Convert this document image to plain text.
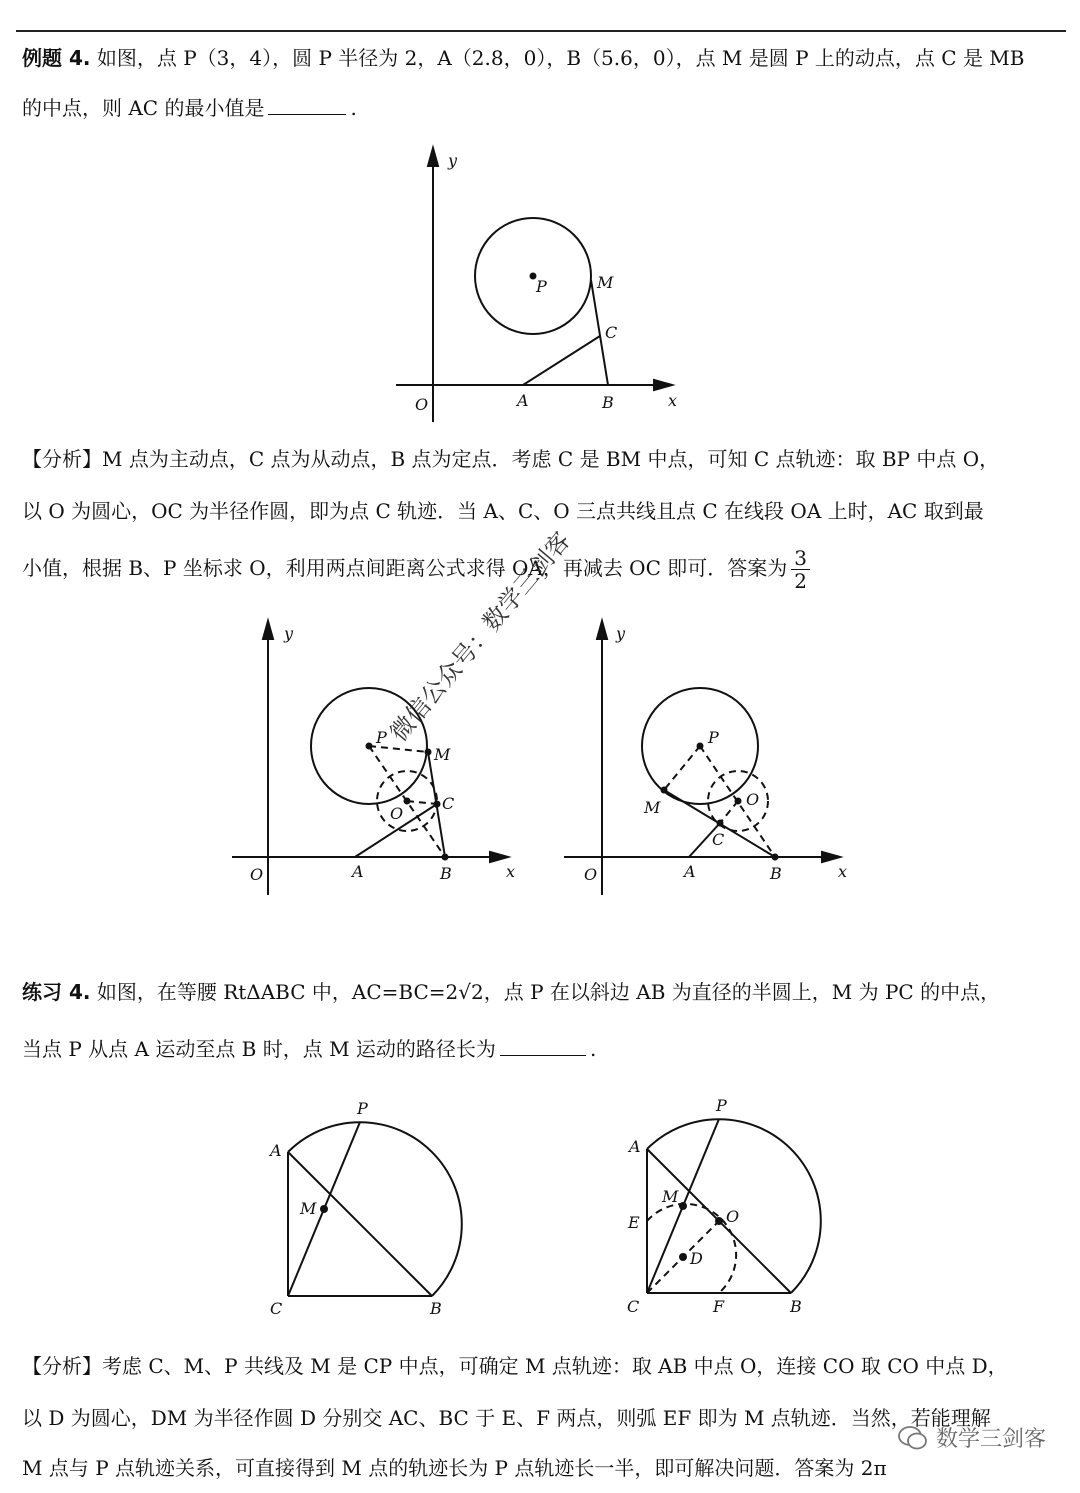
例题 4. 如图，点 P（3，4），圆 P 半径为 2，A（2.8，0），B（5.6，0），点 M 是圆 P 上的动点，点 C 是 MB
的中点，则 AC 的最小值是	.
y
x
O	A	B
P	M
C
【分析】M 点为主动点，C 点为从动点，B 点为定点．考虑 C 是 BM 中点，可知 C 点轨迹：取 BP 中点 O，
以 O 为圆心，OC 为半径作圆，即为点 C 轨迹．当 A、C、O 三点共线且点 C 在线段 OA 上时，AC 取到最
小值，根据 B、P 坐标求 O，利用两点间距离公式求得 OA，再减去 OC 即可．答案为 $\frac{3}{2}$
y
x
O	A	B
P
M
O
C
y
x
O	A	B
P
M	O
C
微信公众号：数学三剑客
练习 4. 如图，在等腰 RtΔABC 中，AC=BC=2√2，点 P 在以斜边 AB 为直径的半圆上，M 为 PC 的中点，
当点 P 从点 A 运动至点 B 时，点 M 运动的路径长为	.
A
C	B
P
M
A
C	B
P
M
O
D
E
F
【分析】考虑 C、M、P 共线及 M 是 CP 中点，可确定 M 点轨迹：取 AB 中点 O，连接 CO 取 CO 中点 D，
以 D 为圆心，DM 为半径作圆 D 分别交 AC、BC 于 E、F 两点，则弧 EF 即为 M 点轨迹．当然，若能理解
M 点与 P 点轨迹关系，可直接得到 M 点的轨迹长为 P 点轨迹长一半，即可解决问题．答案为 2π
数学三剑客
